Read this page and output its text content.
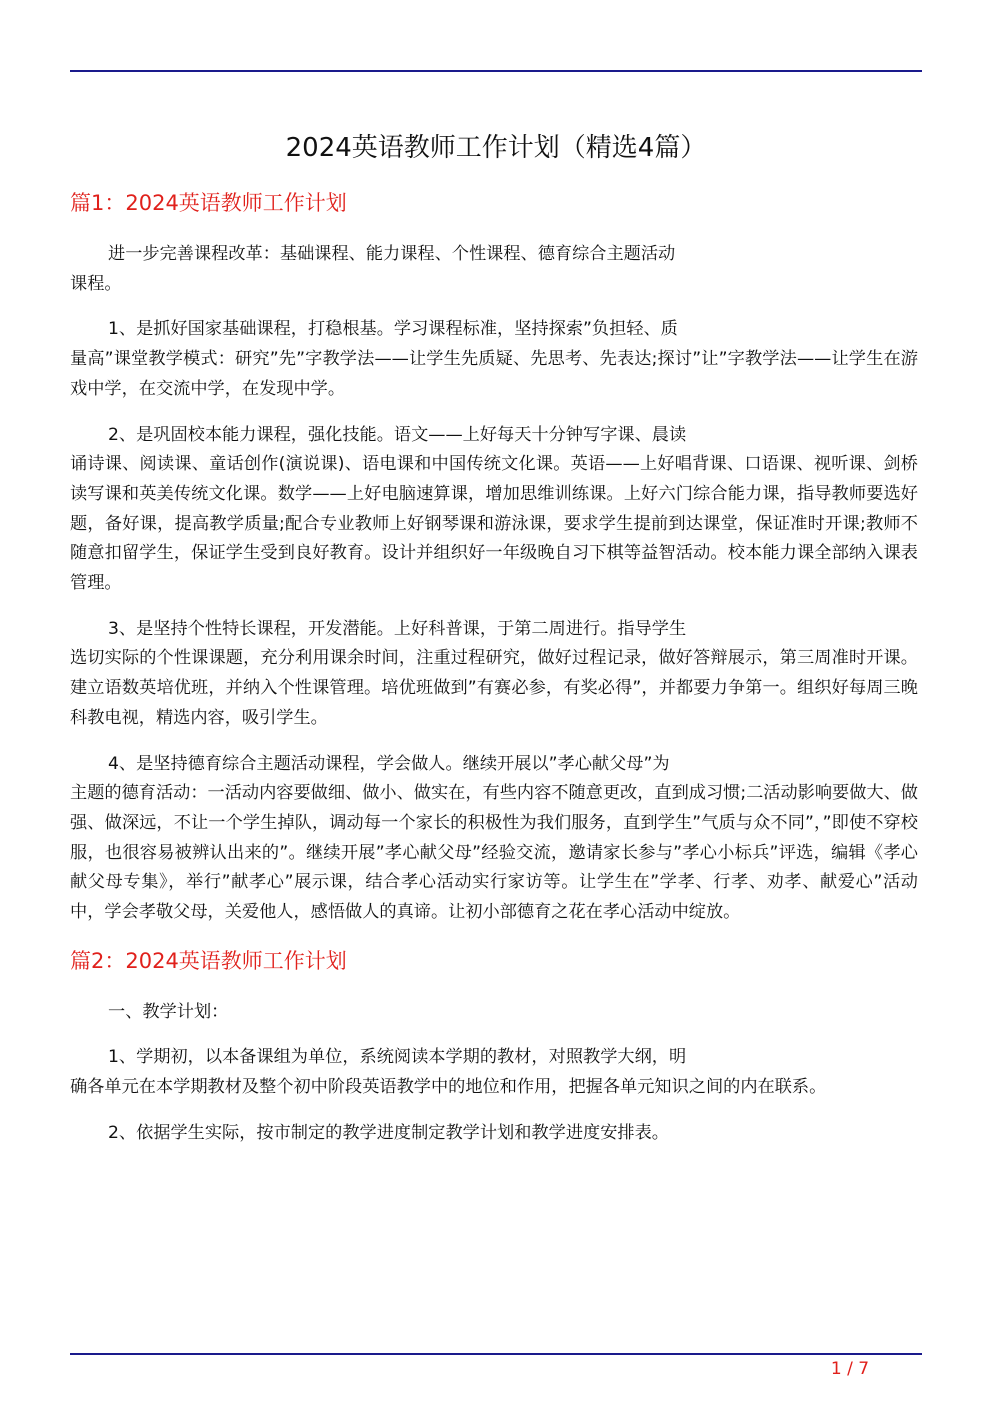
2024英语教师工作计划（精选4篇）
篇1：2024英语教师工作计划
进一步完善课程改革：基础课程、能力课程、个性课程、德育综合主题活动
课程。
1、是抓好国家基础课程，打稳根基。学习课程标准，坚持探索”负担轻、质
量高”课堂教学模式：研究”先”字教学法——让学生先质疑、先思考、先表达;探讨”让”字教学法——让学生在游戏中学，在交流中学，在发现中学。
2、是巩固校本能力课程，强化技能。语文——上好每天十分钟写字课、晨读
诵诗课、阅读课、童话创作(演说课)、语电课和中国传统文化课。英语——上好唱背课、口语课、视听课、剑桥读写课和英美传统文化课。数学——上好电脑速算课，增加思维训练课。上好六门综合能力课，指导教师要选好题，备好课，提高教学质量;配合专业教师上好钢琴课和游泳课，要求学生提前到达课堂，保证准时开课;教师不随意扣留学生，保证学生受到良好教育。设计并组织好一年级晚自习下棋等益智活动。校本能力课全部纳入课表管理。
3、是坚持个性特长课程，开发潜能。上好科普课，于第二周进行。指导学生
选切实际的个性课课题，充分利用课余时间，注重过程研究，做好过程记录，做好答辩展示，第三周准时开课。建立语数英培优班，并纳入个性课管理。培优班做到”有赛必参，有奖必得”，并都要力争第一。组织好每周三晚科教电视，精选内容，吸引学生。
4、是坚持德育综合主题活动课程，学会做人。继续开展以”孝心献父母”为
主题的德育活动：一活动内容要做细、做小、做实在，有些内容不随意更改，直到成习惯;二活动影响要做大、做强、做深远，不让一个学生掉队，调动每一个家长的积极性为我们服务，直到学生”气质与众不同”，”即使不穿校服，也很容易被辨认出来的”。继续开展”孝心献父母”经验交流，邀请家长参与”孝心小标兵”评选，编辑《孝心献父母专集》，举行”献孝心”展示课，结合孝心活动实行家访等。让学生在”学孝、行孝、劝孝、献爱心”活动中，学会孝敬父母，关爱他人，感悟做人的真谛。让初小部德育之花在孝心活动中绽放。
篇2：2024英语教师工作计划
一、教学计划：
1、学期初，以本备课组为单位，系统阅读本学期的教材，对照教学大纲，明
确各单元在本学期教材及整个初中阶段英语教学中的地位和作用，把握各单元知识之间的内在联系。
2、依据学生实际，按市制定的教学进度制定教学计划和教学进度安排表。
1 / 7
